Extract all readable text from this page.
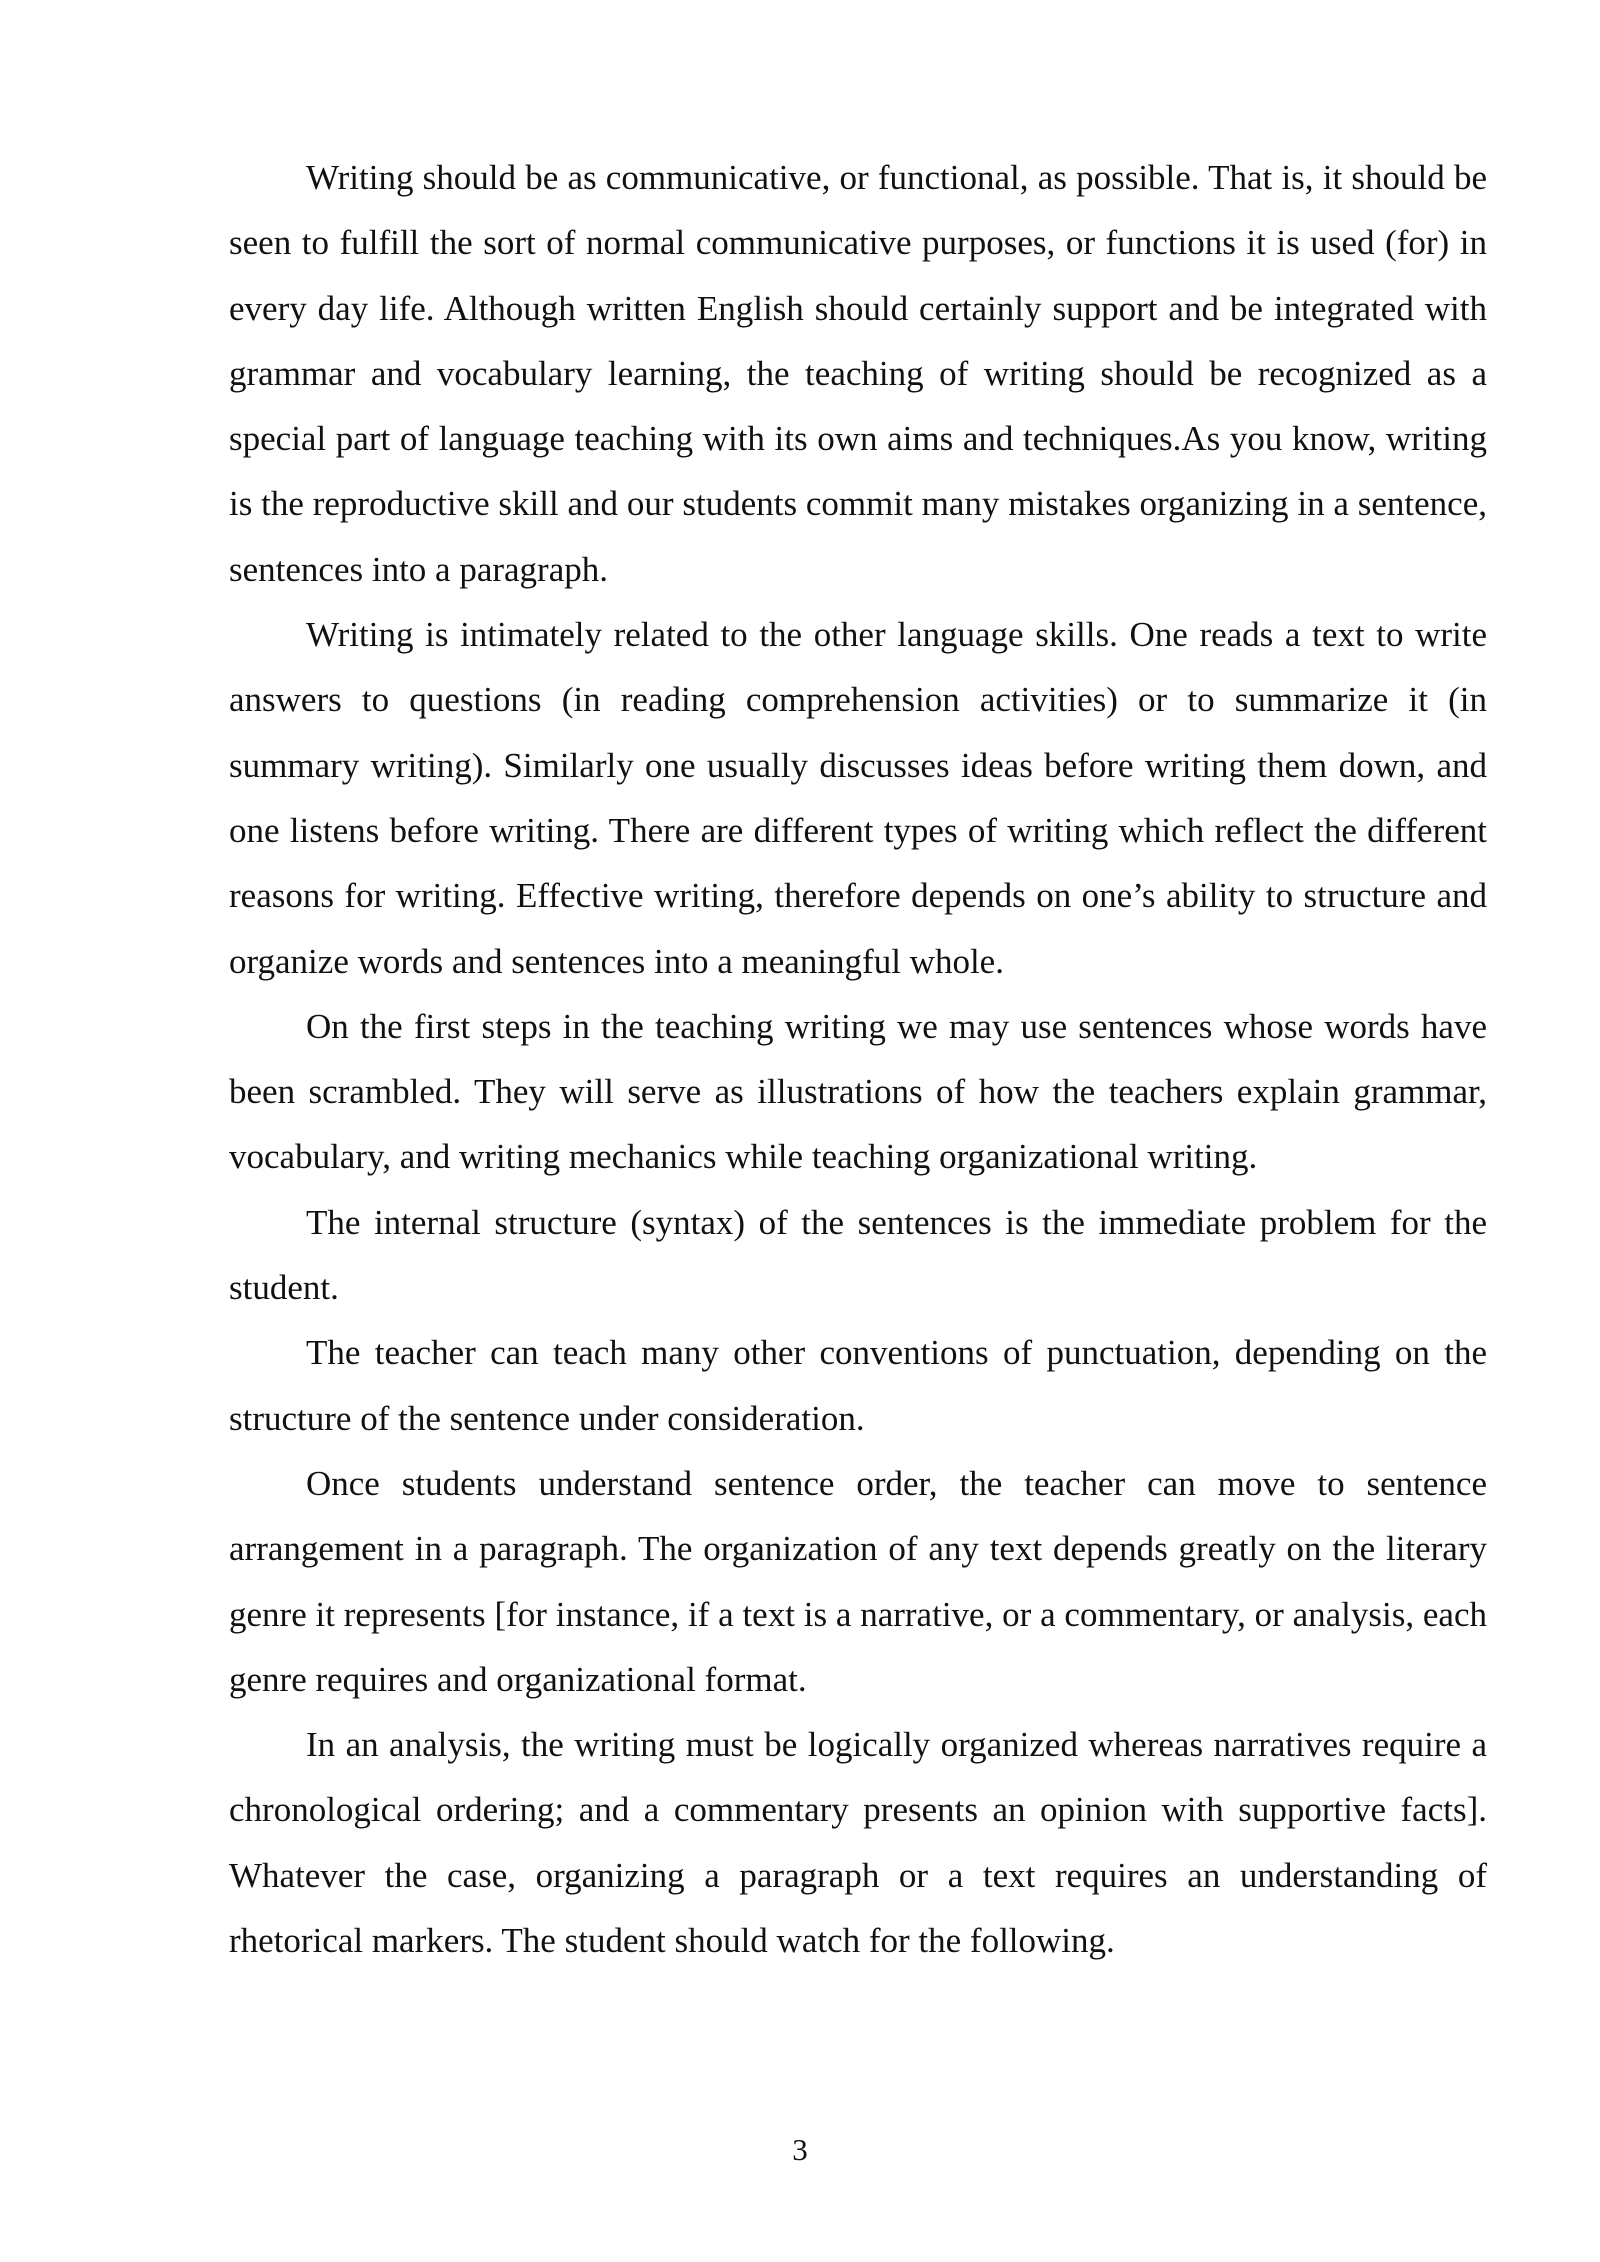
Writing should be as communicative, or functional, as possible. That is, it should be seen to fulfill the sort of normal communicative purposes, or functions it is used (for) in every day life. Although written English should certainly support and be integrated with grammar and vocabulary learning, the teaching of writing should be recognized as a special part of language teaching with its own aims and techniques.As you know, writing is the reproductive skill and our students commit many mistakes organizing in a sentence, sentences into a paragraph.

Writing is intimately related to the other language skills. One reads a text to write answers to questions (in reading comprehension activities) or to summarize it (in summary writing). Similarly one usually discusses ideas before writing them down, and one listens before writing. There are different types of writing which reflect the different reasons for writing. Effective writing, therefore depends on one’s ability to structure and organize words and sentences into a meaningful whole.

On the first steps in the teaching writing we may use sentences whose words have been scrambled. They will serve as illustrations of how the teachers explain grammar, vocabulary, and writing mechanics while teaching organizational writing.

The internal structure (syntax) of the sentences is the immediate problem for the student.

The teacher can teach many other conventions of punctuation, depending on the structure of the sentence under consideration.

Once students understand sentence order, the teacher can move to sentence arrangement in a paragraph. The organization of any text depends greatly on the literary genre it represents [for instance, if a text is a narrative, or a commentary, or analysis, each genre requires and organizational format.

In an analysis, the writing must be logically organized whereas narratives require a chronological ordering; and a commentary presents an opinion with supportive facts]. Whatever the case, organizing a paragraph or a text requires an understanding of rhetorical markers. The student should watch for the following.

3
